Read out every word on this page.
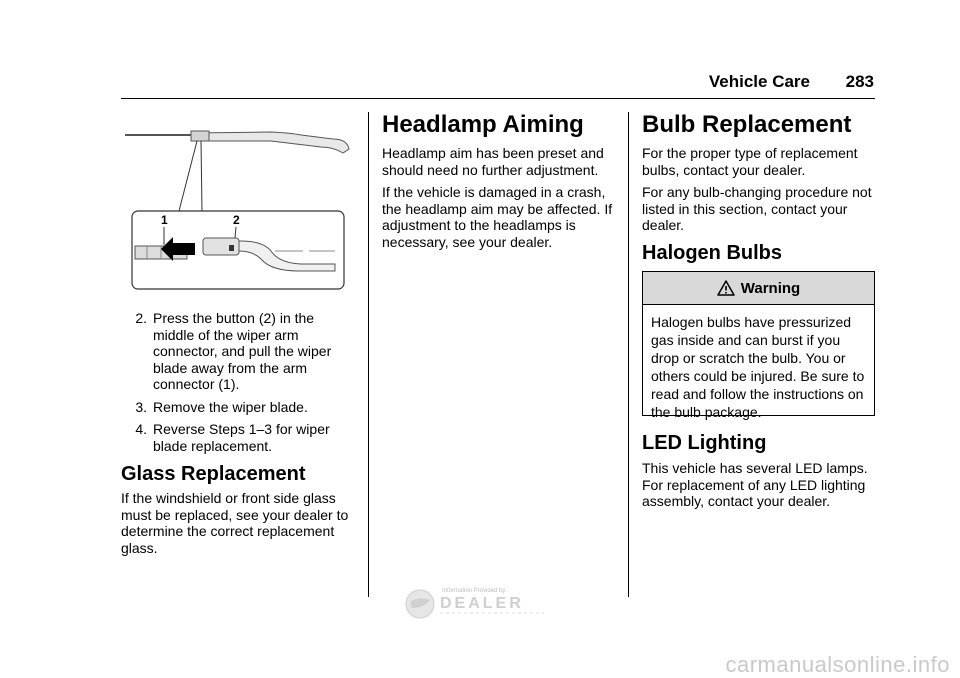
Vehicle Care 283
1	2
2. Press the button (2) in the middle of the wiper arm connector, and pull the wiper blade away from the arm connector (1).
3. Remove the wiper blade.
4. Reverse Steps 1–3 for wiper blade replacement.
Glass Replacement

If the windshield or front side glass must be replaced, see your dealer to determine the correct replacement glass.

Headlamp Aiming

Headlamp aim has been preset and should need no further adjustment.

If the vehicle is damaged in a crash, the headlamp aim may be affected. If adjustment to the headlamps is necessary, see your dealer.

Bulb Replacement

For the proper type of replacement bulbs, contact your dealer.

For any bulb-changing procedure not listed in this section, contact your dealer.

Halogen Bulbs
Warning
Halogen bulbs have pressurized gas inside and can burst if you drop or scratch the bulb. You or others could be injured. Be sure to read and follow the instructions on the bulb package.
LED Lighting

This vehicle has several LED lamps. For replacement of any LED lighting assembly, contact your dealer.

Information Provided by:
DEALER
carmanualsonline.info
